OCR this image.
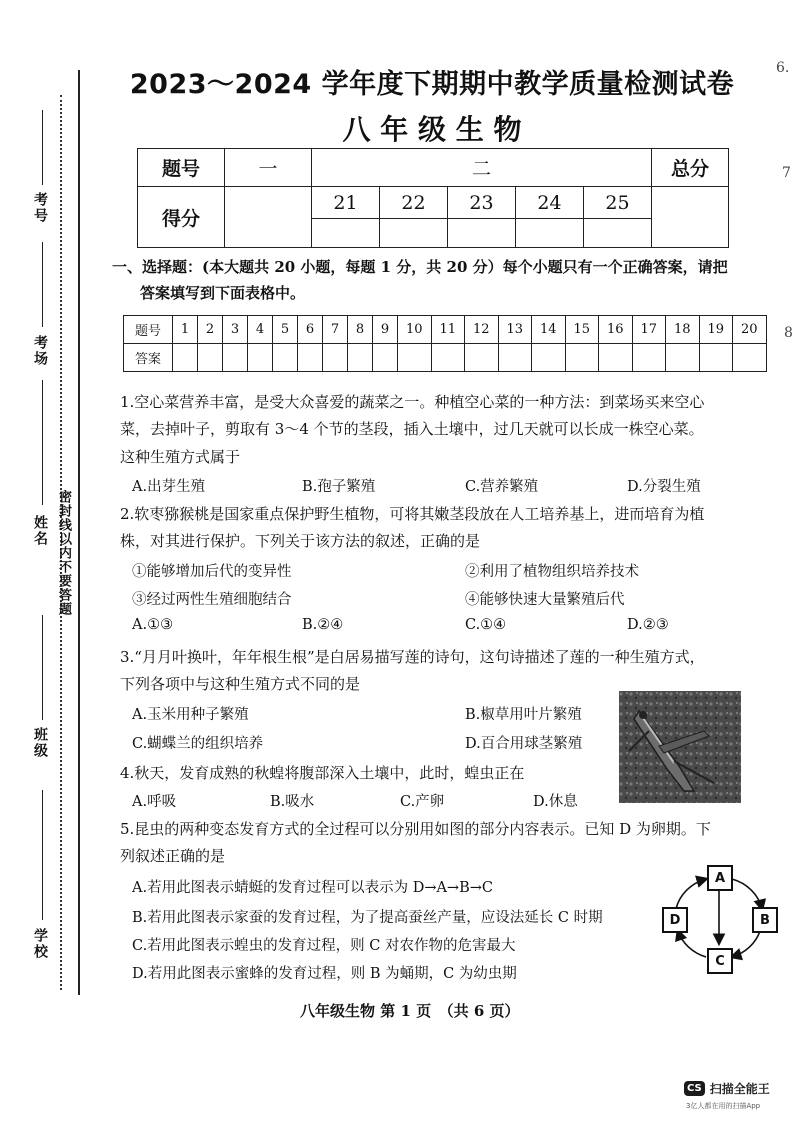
考号
考场
姓名 密封线以内不要答题
班级
学校
2023～2024 学年度下期期中教学质量检测试卷
八 年 级 生 物
题号	一	二					总分
得分		21	22	23	24	25	

一、选择题：(本大题共 20 小题，每题 1 分，共 20 分）每个小题只有一个正确答案，请把
答案填写到下面表格中。
题号	1	2	3	4	5	6	7	8	9	10	11	12	13	14	15	16	17	18	19	20
答案																				
1.空心菜营养丰富，是受大众喜爱的蔬菜之一。种植空心菜的一种方法：到菜场买来空心
菜，去掉叶子，剪取有 3～4 个节的茎段，插入土壤中，过几天就可以长成一株空心菜。
这种生殖方式属于
A.出芽生殖	B.孢子繁殖	C.营养繁殖	D.分裂生殖
2.软枣猕猴桃是国家重点保护野生植物，可将其嫩茎段放在人工培养基上，进而培育为植
株，对其进行保护。下列关于该方法的叙述，正确的是
①能够增加后代的变异性	②利用了植物组织培养技术
③经过两性生殖细胞结合	④能够快速大量繁殖后代
A.①③	B.②④	C.①④	D.②③
3.“月月叶换叶，年年根生根”是白居易描写莲的诗句，这句诗描述了莲的一种生殖方式，
下列各项中与这种生殖方式不同的是
A.玉米用种子繁殖	B.椒草用叶片繁殖
C.蝴蝶兰的组织培养	D.百合用球茎繁殖
4.秋天，发育成熟的秋蝗将腹部深入土壤中，此时，蝗虫正在
A.呼吸	B.吸水	C.产卵	D.休息
5.昆虫的两种变态发育方式的全过程可以分别用如图的部分内容表示。已知 D 为卵期。下
列叙述正确的是
A.若用此图表示蜻蜓的发育过程可以表示为 D→A→B→C
B.若用此图表示家蚕的发育过程，为了提高蚕丝产量，应设法延长 C 时期
C.若用此图表示蝗虫的发育过程，则 C 对农作物的危害最大
D.若用此图表示蜜蜂的发育过程，则 B 为蛹期，C 为幼虫期
A
B
C
D
八年级生物 第 1 页　（共 6 页）
CS 扫描全能王
3亿人都在用的扫描App
6.
7
8
